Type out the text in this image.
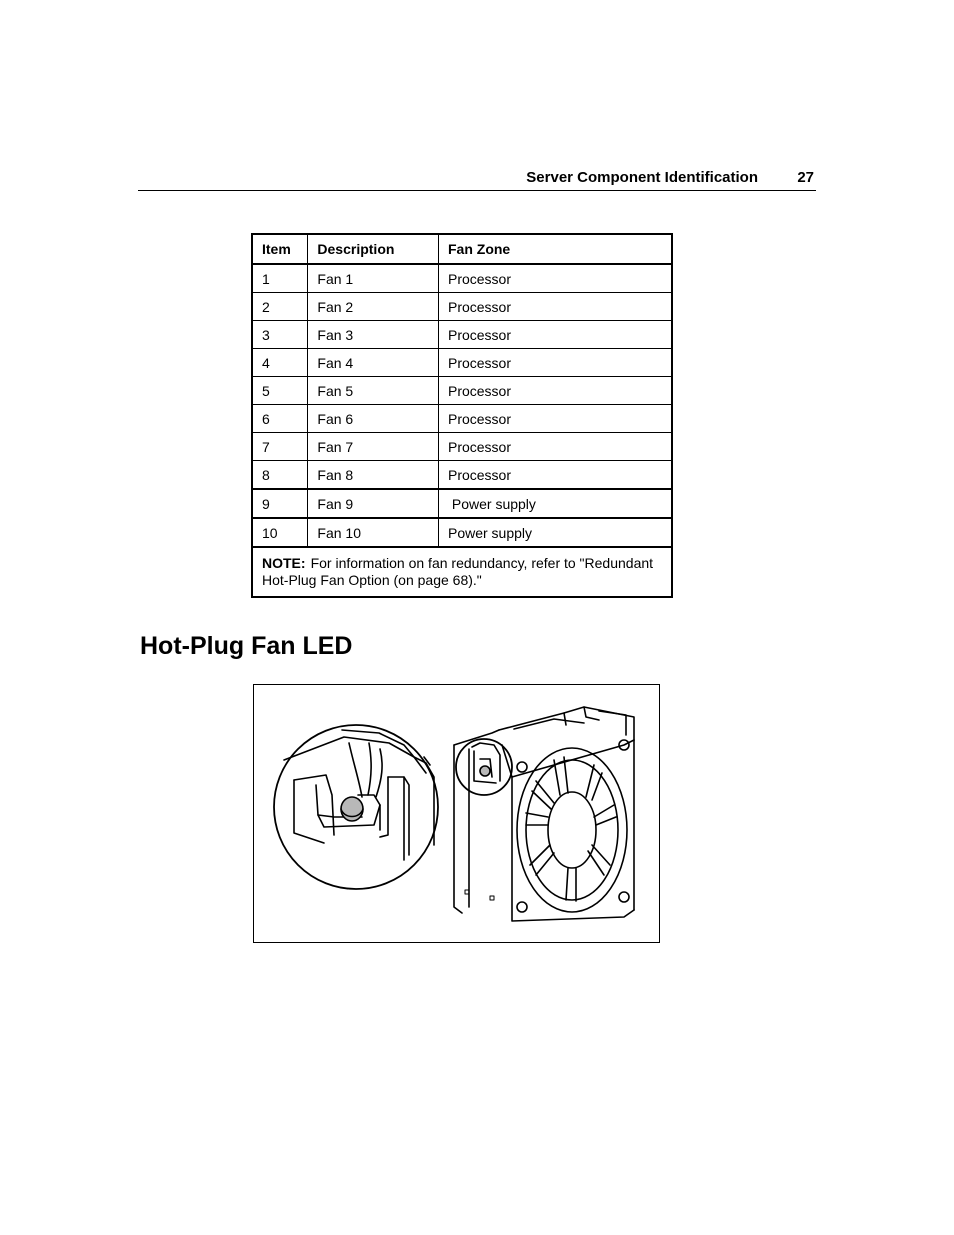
Server Component Identification	27
Item	Description	Fan Zone
1	Fan 1	Processor
2	Fan 2	Processor
3	Fan 3	Processor
4	Fan 4	Processor
5	Fan 5	Processor
6	Fan 6	Processor
7	Fan 7	Processor
8	Fan 8	Processor
9	Fan 9	Power supply
10	Fan 10	Power supply
NOTE: For information on fan redundancy, refer to "Redundant Hot-Plug Fan Option (on page 68)."		
Hot-Plug Fan LED
